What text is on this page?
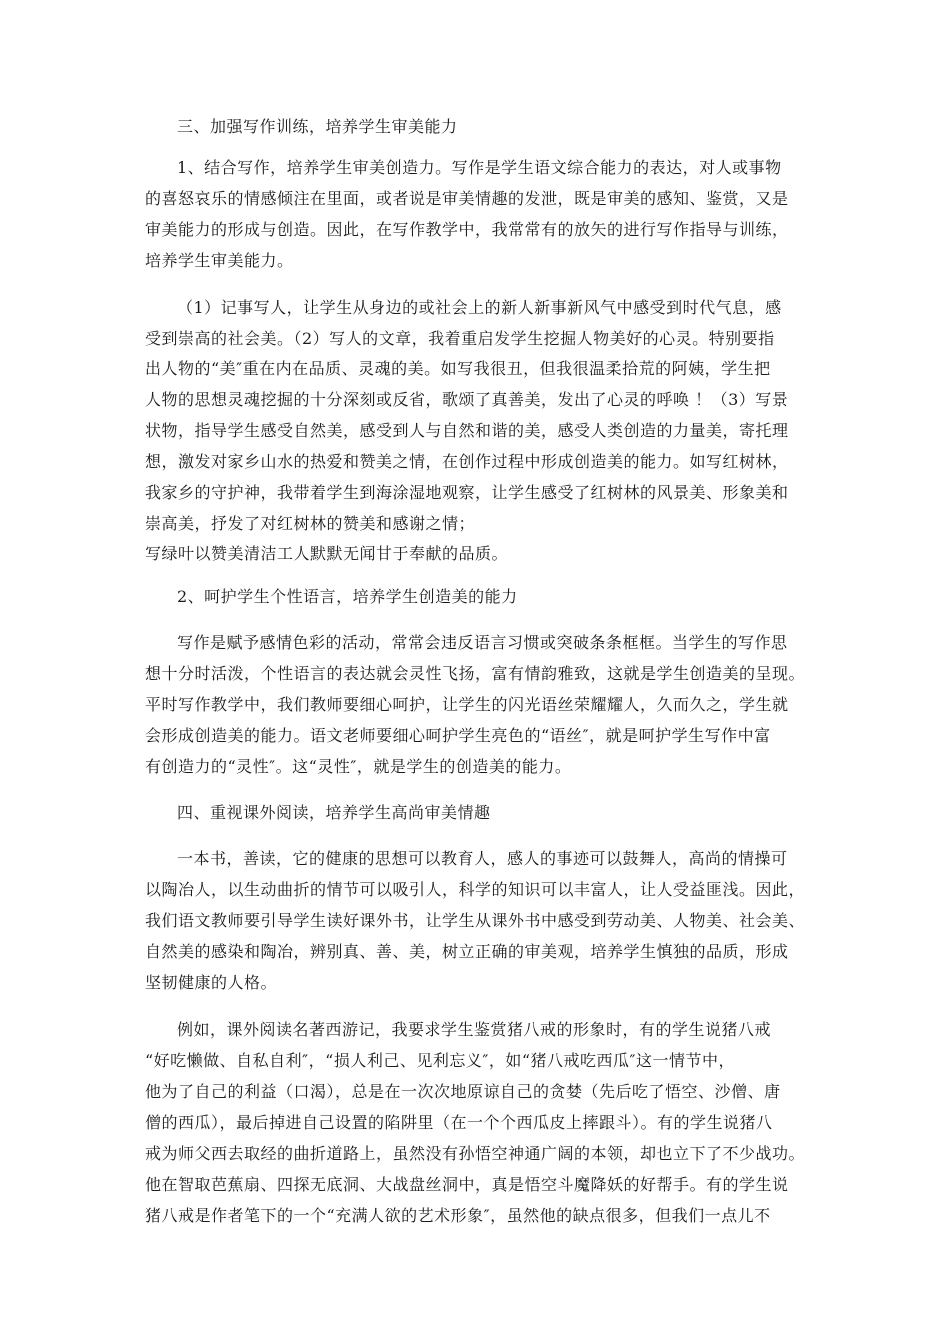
三、加强写作训练，培养学生审美能力

1、结合写作，培养学生审美创造力。写作是学生语文综合能力的表达，对人或事物

的喜怒哀乐的情感倾注在里面，或者说是审美情趣的发泄，既是审美的感知、鉴赏，又是

审美能力的形成与创造。因此，在写作教学中，我常常有的放矢的进行写作指导与训练，

培养学生审美能力。

（1）记事写人，让学生从身边的或社会上的新人新事新风气中感受到时代气息，感

受到崇高的社会美。（2）写人的文章，我着重启发学生挖掘人物美好的心灵。特别要指

出人物的“美″重在内在品质、灵魂的美。如写我很丑，但我很温柔拾荒的阿姨，学生把

人物的思想灵魂挖掘的十分深刻或反省，歌颂了真善美，发出了心灵的呼唤 ！（3）写景

状物，指导学生感受自然美，感受到人与自然和谐的美，感受人类创造的力量美，寄托理

想，激发对家乡山水的热爱和赞美之情，在创作过程中形成创造美的能力。如写红树林，

我家乡的守护神，我带着学生到海涂湿地观察，让学生感受了红树林的风景美、形象美和

崇高美，抒发了对红树林的赞美和感谢之情；

写绿叶以赞美清洁工人默默无闻甘于奉献的品质。

2、呵护学生个性语言，培养学生创造美的能力

写作是赋予感情色彩的活动，常常会违反语言习惯或突破条条框框。当学生的写作思

想十分时活泼，个性语言的表达就会灵性飞扬，富有情韵雅致，这就是学生创造美的呈现。

平时写作教学中，我们教师要细心呵护，让学生的闪光语丝荣耀耀人，久而久之，学生就

会形成创造美的能力。语文老师要细心呵护学生亮色的“语丝″，就是呵护学生写作中富

有创造力的“灵性″。这“灵性″，就是学生的创造美的能力。

四、重视课外阅读，培养学生高尚审美情趣

一本书，善读，它的健康的思想可以教育人，感人的事迹可以鼓舞人，高尚的情操可

以陶冶人，以生动曲折的情节可以吸引人，科学的知识可以丰富人，让人受益匪浅。因此，

我们语文教师要引导学生读好课外书，让学生从课外书中感受到劳动美、人物美、社会美、

自然美的感染和陶冶，辨别真、善、美，树立正确的审美观，培养学生慎独的品质，形成

坚韧健康的人格。

例如，课外阅读名著西游记，我要求学生鉴赏猪八戒的形象时，有的学生说猪八戒

“好吃懒做、自私自利″，“损人利己、见利忘义″，如“猪八戒吃西瓜″这一情节中，

他为了自己的利益（口渴），总是在一次次地原谅自己的贪婪（先后吃了悟空、沙僧、唐

僧的西瓜），最后掉进自己设置的陷阱里（在一个个西瓜皮上摔跟斗）。有的学生说猪八

戒为师父西去取经的曲折道路上，虽然没有孙悟空神通广阔的本领，却也立下了不少战功。

他在智取芭蕉扇、四探无底洞、大战盘丝洞中，真是悟空斗魔降妖的好帮手。有的学生说

猪八戒是作者笔下的一个“充满人欲的艺术形象″，虽然他的缺点很多，但我们一点儿不
